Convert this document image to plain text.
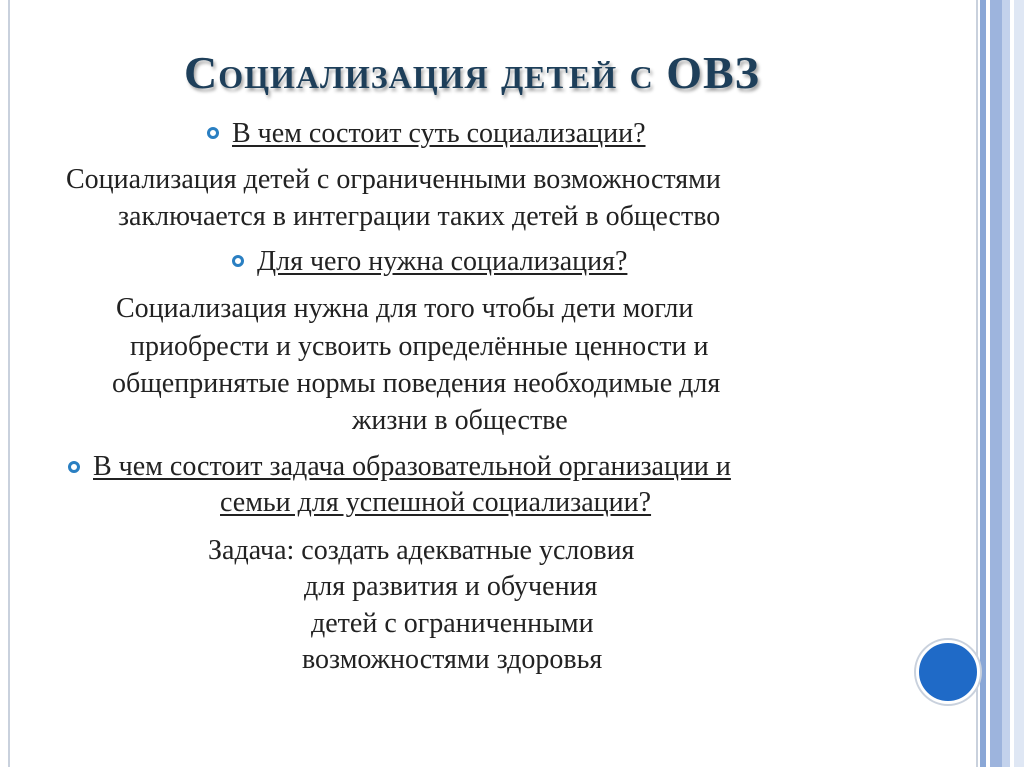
Социализация детей с ОВЗ
В чем состоит суть социализации?
Социализация детей с ограниченными возможностями
заключается в интеграции таких детей в общество
Для чего нужна социализация?
Социализация нужна для того чтобы дети могли
приобрести и усвоить определённые ценности и
общепринятые нормы поведения необходимые для
жизни в обществе
В чем состоит задача образовательной организации и
семьи для успешной социализации?
Задача: создать адекватные условия
для развития и обучения
детей с ограниченными
возможностями здоровья
